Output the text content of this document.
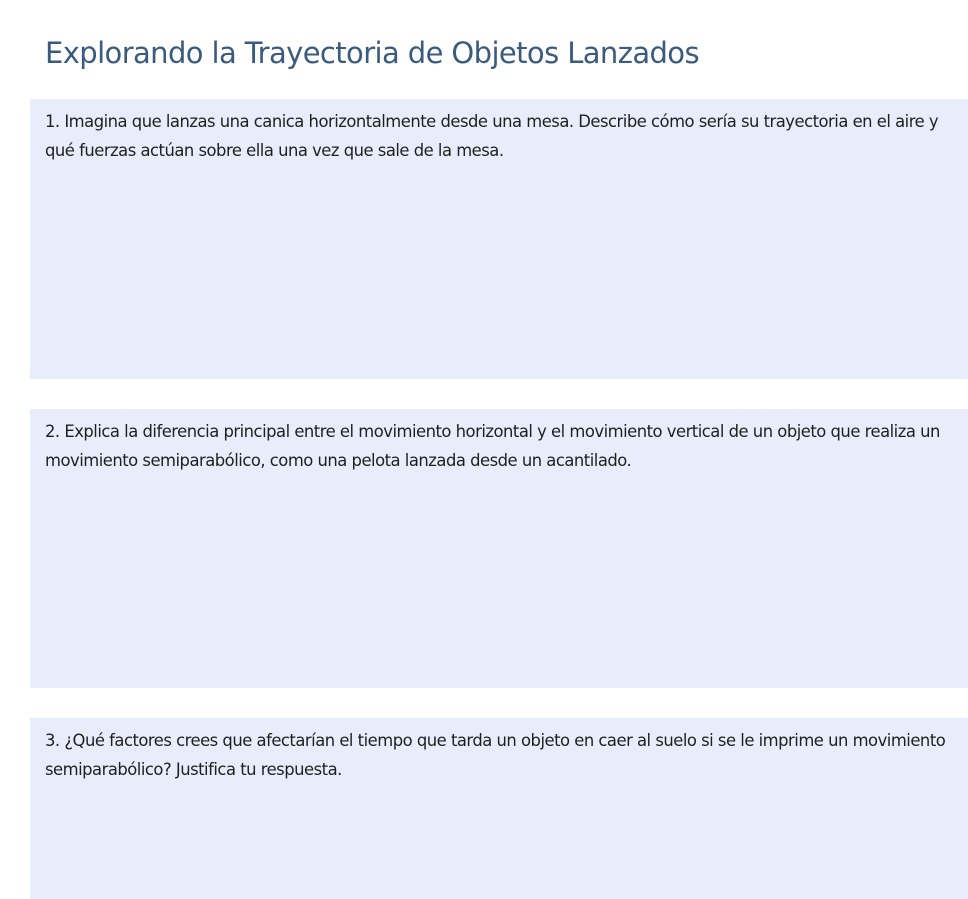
Explorando la Trayectoria de Objetos Lanzados

1. Imagina que lanzas una canica horizontalmente desde una mesa. Describe cómo sería su trayectoria en el aire y qué fuerzas actúan sobre ella una vez que sale de la mesa.

2. Explica la diferencia principal entre el movimiento horizontal y el movimiento vertical de un objeto que realiza un movimiento semiparabólico, como una pelota lanzada desde un acantilado.

3. ¿Qué factores crees que afectarían el tiempo que tarda un objeto en caer al suelo si se le imprime un movimiento semiparabólico? Justifica tu respuesta.
